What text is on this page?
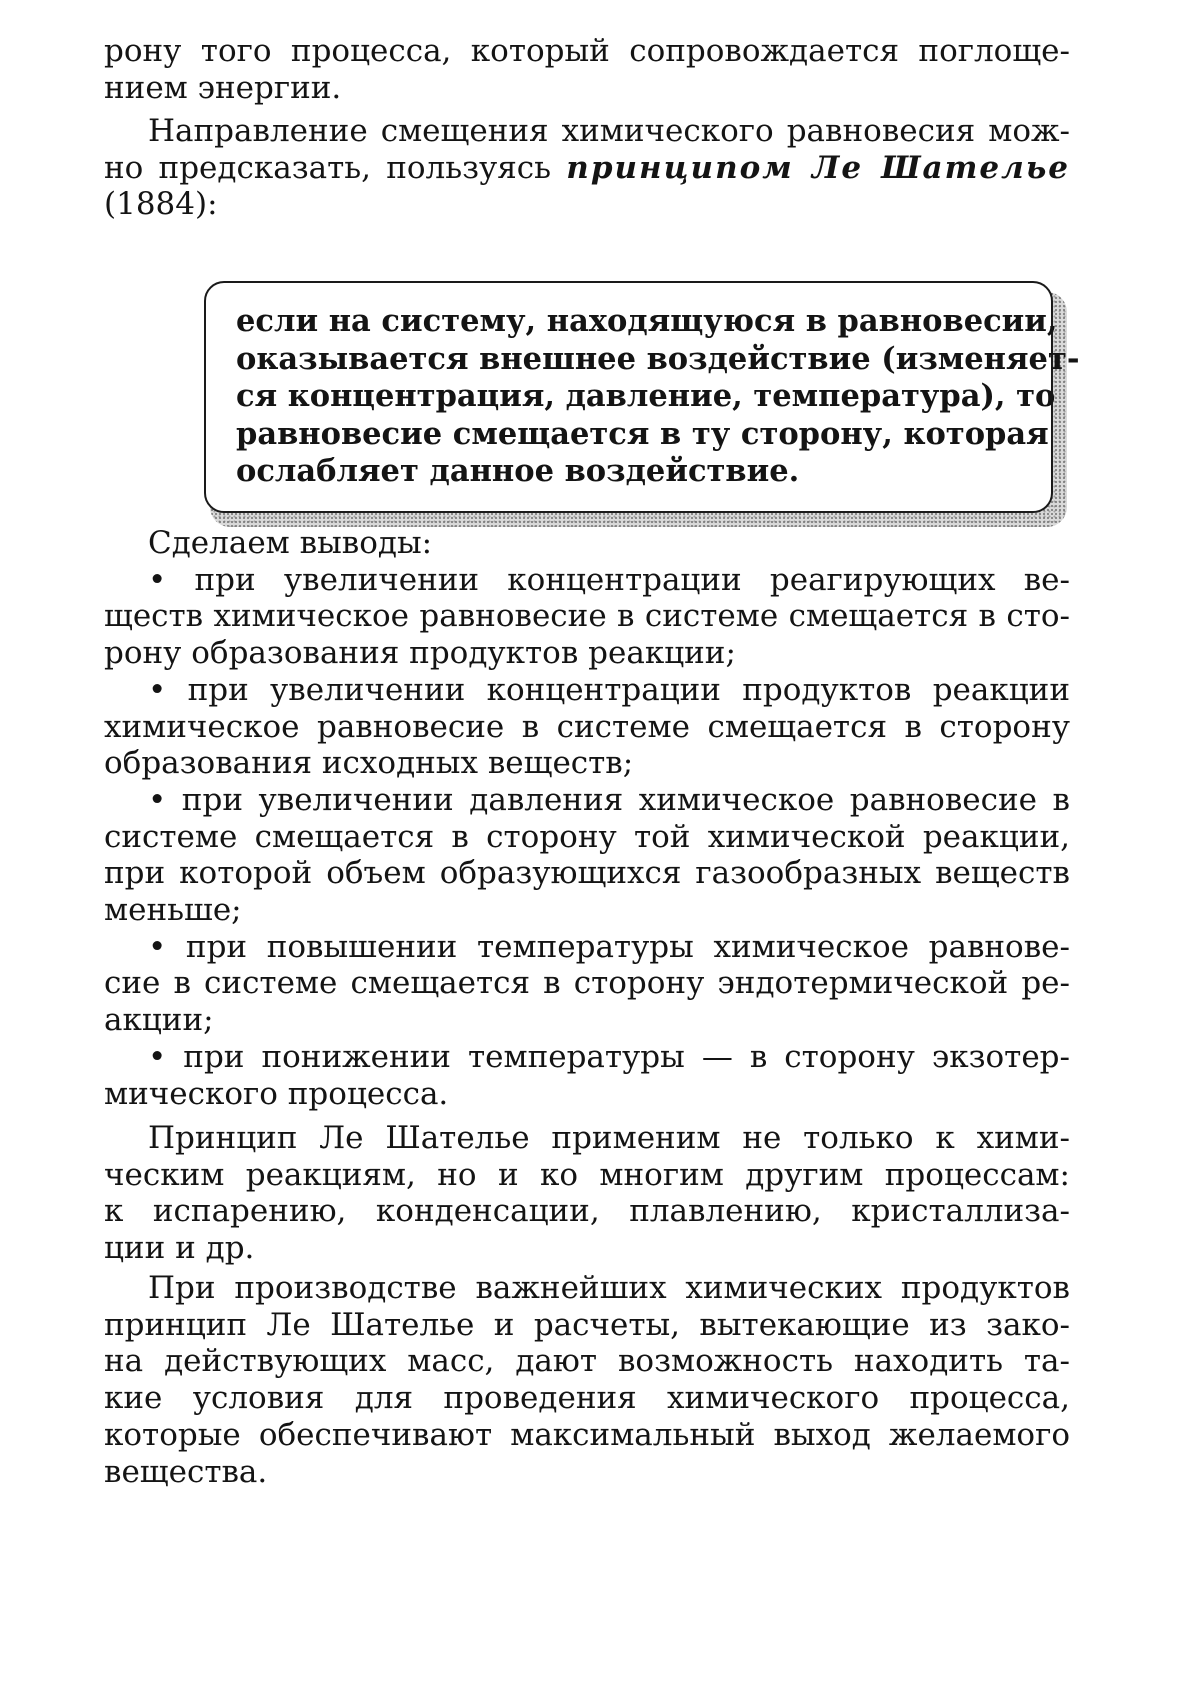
рону того процесса, который сопровождается поглоще-
нием энергии.
Направление смещения химического равновесия мож-
но предсказать, пользуясь принципом Ле Шателье
(1884):
если на систему, находящуюся в равновесии,
оказывается внешнее воздействие (изменяет-
ся концентрация, давление, температура), то
равновесие смещается в ту сторону, которая
ослабляет данное воздействие.
Сделаем выводы:
• при увеличении концентрации реагирующих ве-
ществ химическое равновесие в системе смещается в сто-
рону образования продуктов реакции;
• при увеличении концентрации продуктов реакции
химическое равновесие в системе смещается в сторону
образования исходных веществ;
• при увеличении давления химическое равновесие в
системе смещается в сторону той химической реакции,
при которой объем образующихся газообразных веществ
меньше;
• при повышении температуры химическое равнове-
сие в системе смещается в сторону эндотермической ре-
акции;
• при понижении температуры — в сторону экзотер-
мического процесса.
Принцип Ле Шателье применим не только к хими-
ческим реакциям, но и ко многим другим процессам:
к испарению, конденсации, плавлению, кристаллиза-
ции и др.
При производстве важнейших химических продуктов
принцип Ле Шателье и расчеты, вытекающие из зако-
на действующих масс, дают возможность находить та-
кие условия для проведения химического процесса,
которые обеспечивают максимальный выход желаемого
вещества.
